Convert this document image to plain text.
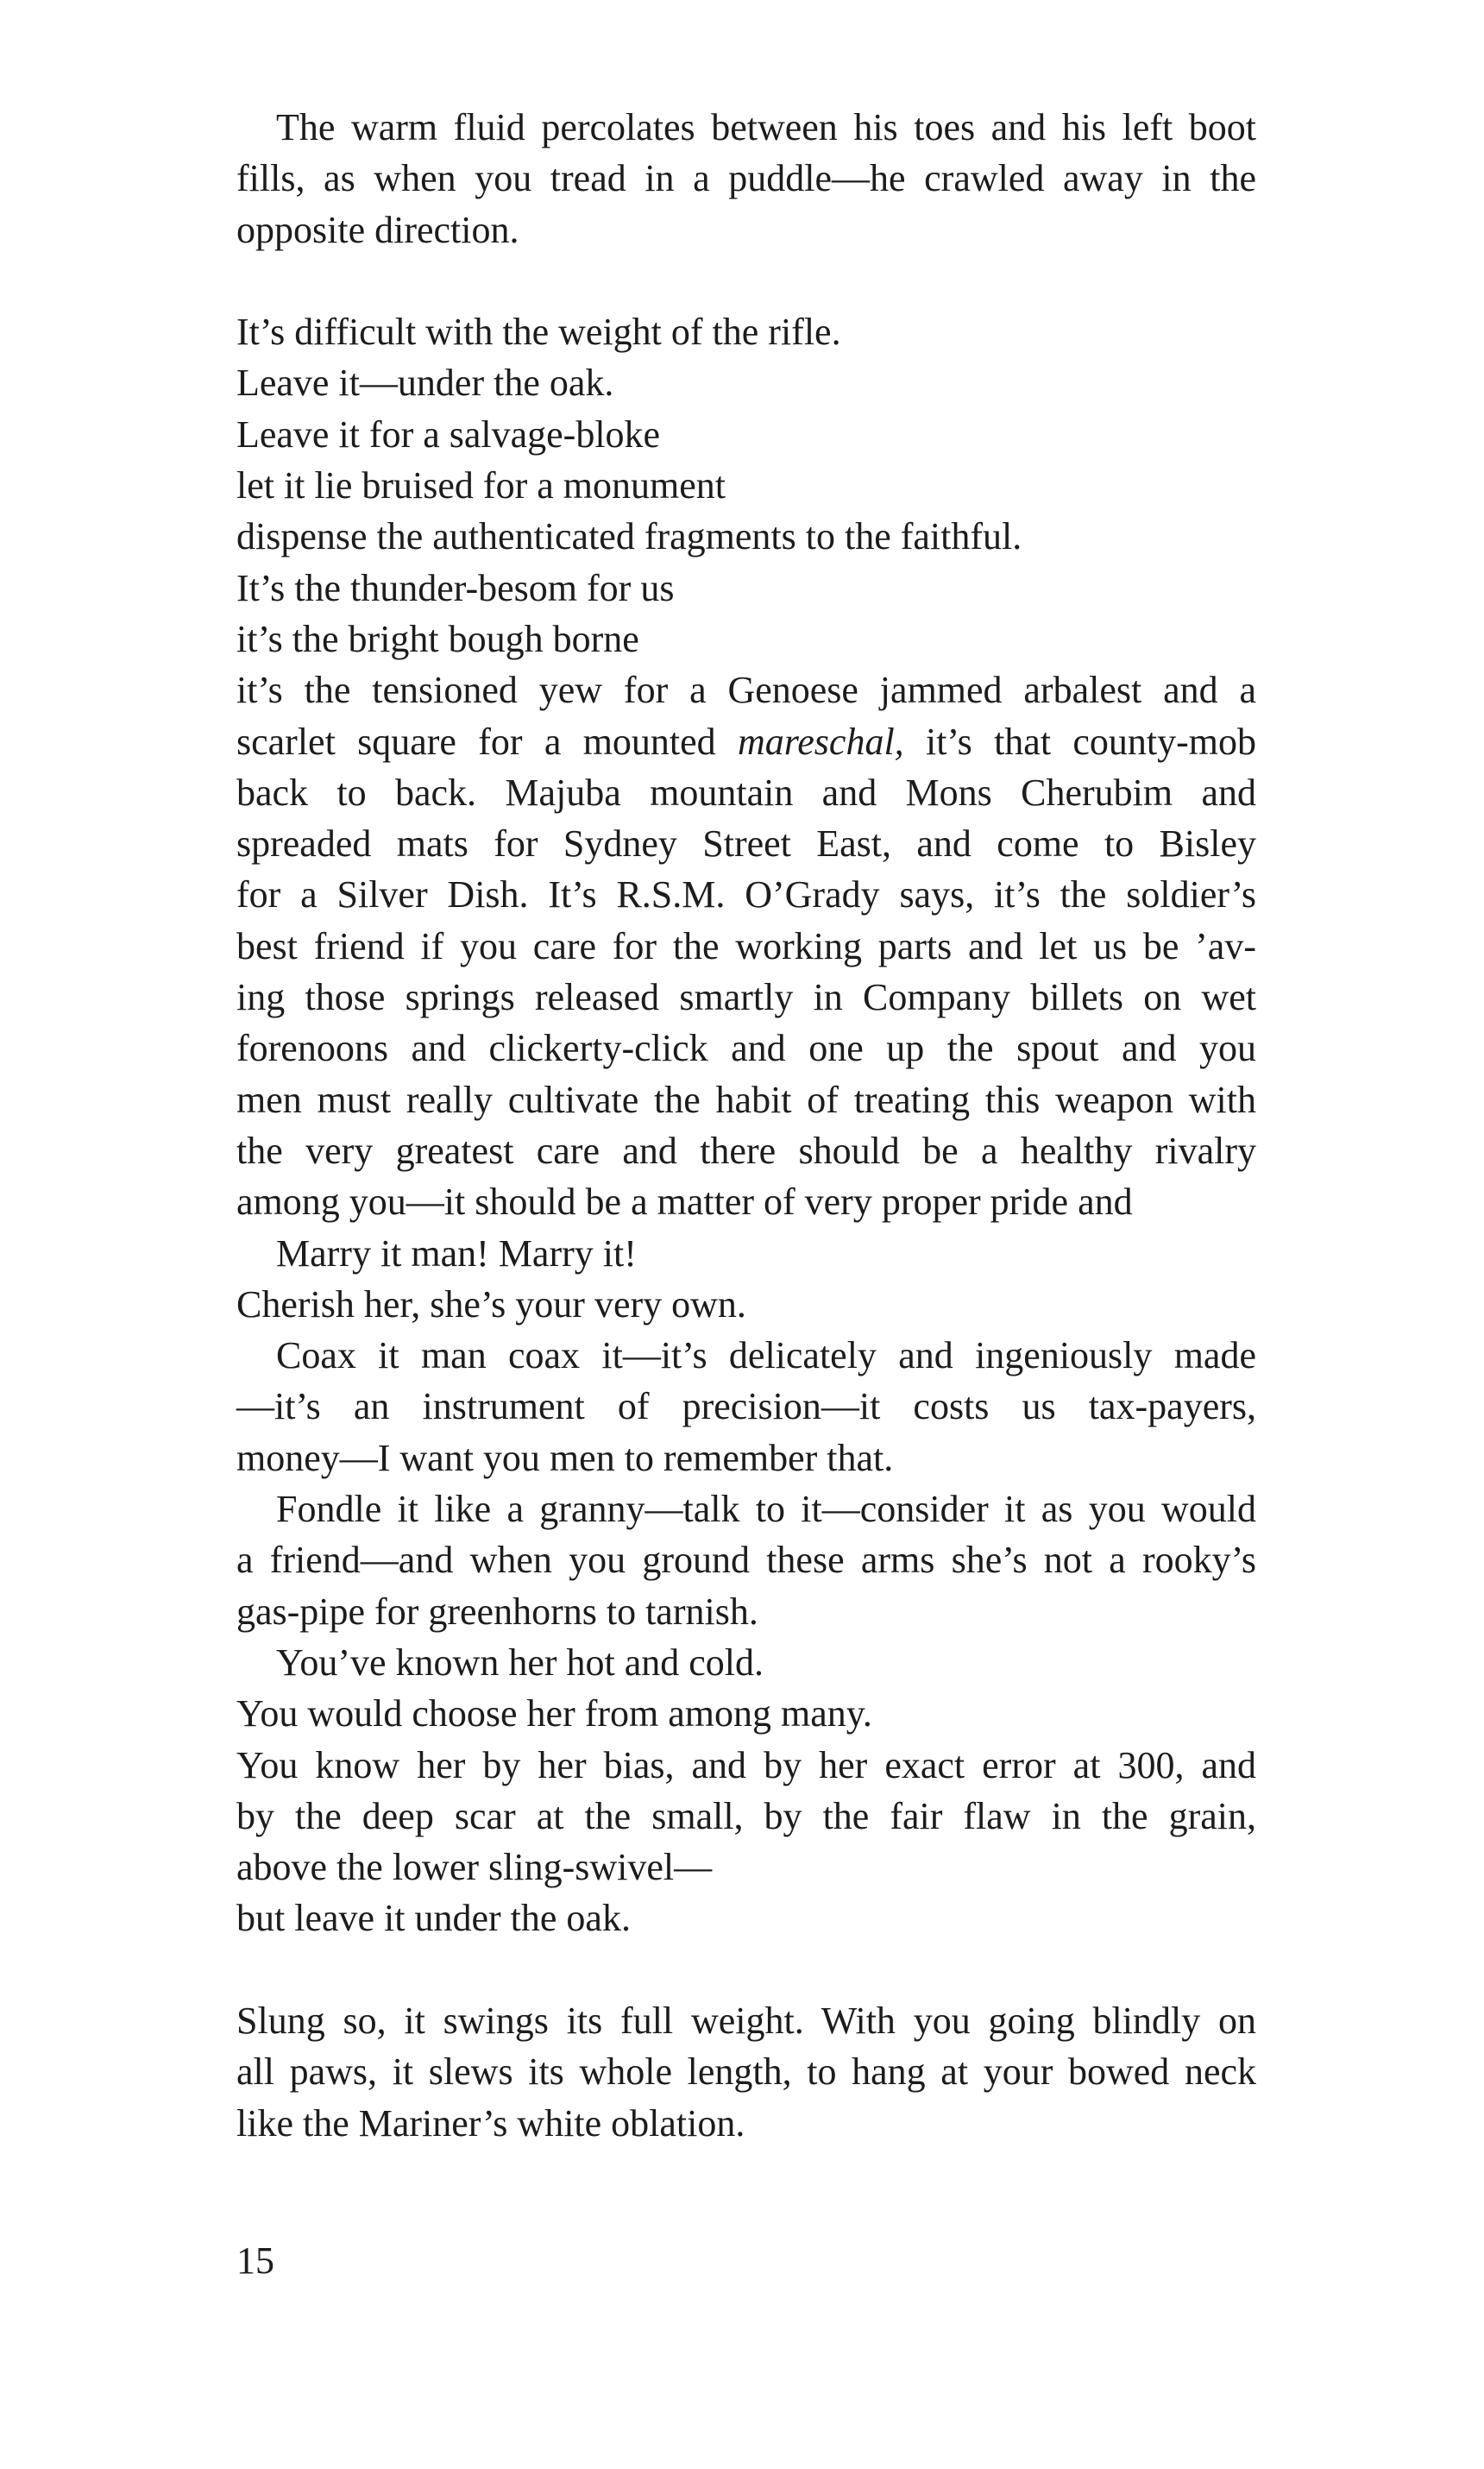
The warm fluid percolates between his toes and his left boot
fills, as when you tread in a puddle—he crawled away in the
opposite direction.
It’s difficult with the weight of the rifle.
Leave it—under the oak.
Leave it for a salvage-bloke
let it lie bruised for a monument
dispense the authenticated fragments to the faithful.
It’s the thunder-besom for us
it’s the bright bough borne
it’s the tensioned yew for a Genoese jammed arbalest and a
scarlet square for a mounted mareschal, it’s that county-mob
back to back. Majuba mountain and Mons Cherubim and
spreaded mats for Sydney Street East, and come to Bisley
for a Silver Dish. It’s R.S.M. O’Grady says, it’s the soldier’s
best friend if you care for the working parts and let us be ’av-
ing those springs released smartly in Company billets on wet
forenoons and clickerty-click and one up the spout and you
men must really cultivate the habit of treating this weapon with
the very greatest care and there should be a healthy rivalry
among you—it should be a matter of very proper pride and
Marry it man! Marry it!
Cherish her, she’s your very own.
Coax it man coax it—it’s delicately and ingeniously made
—it’s an instrument of precision—it costs us tax-payers,
money—I want you men to remember that.
Fondle it like a granny—talk to it—consider it as you would
a friend—and when you ground these arms she’s not a rooky’s
gas-pipe for greenhorns to tarnish.
You’ve known her hot and cold.
You would choose her from among many.
You know her by her bias, and by her exact error at 300, and
by the deep scar at the small, by the fair flaw in the grain,
above the lower sling-swivel—
but leave it under the oak.
Slung so, it swings its full weight. With you going blindly on
all paws, it slews its whole length, to hang at your bowed neck
like the Mariner’s white oblation.
15
